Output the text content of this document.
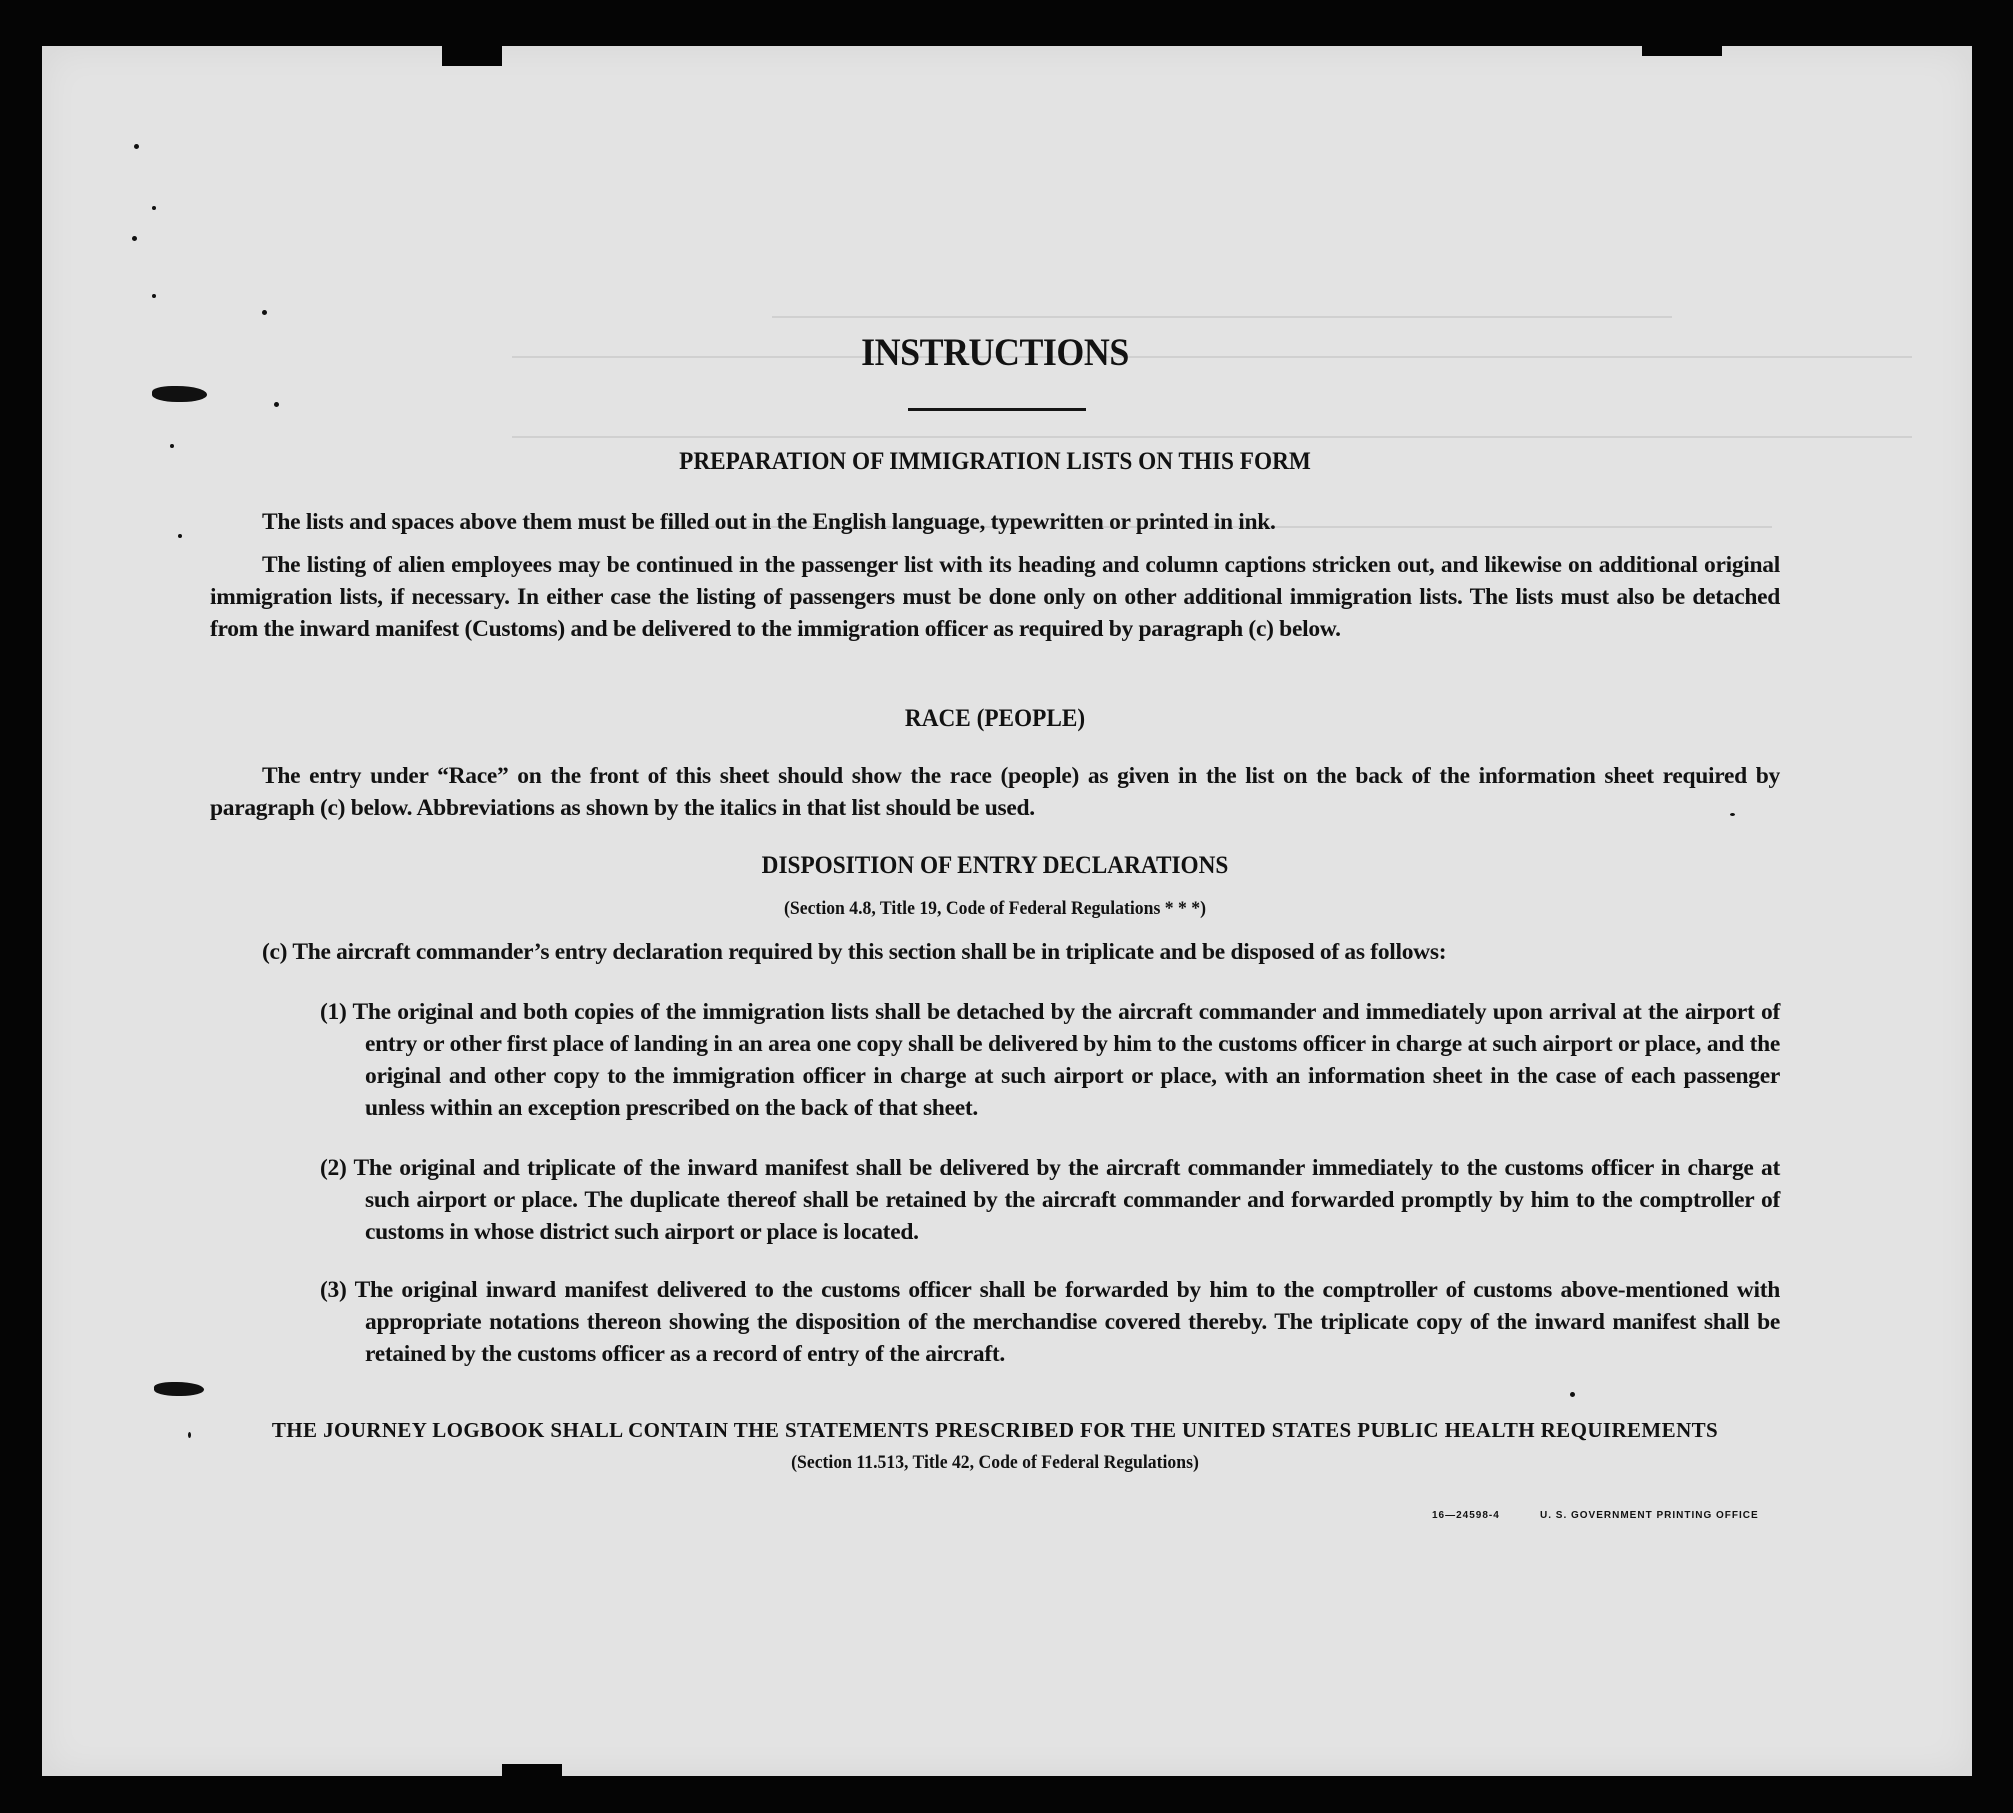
INSTRUCTIONS
PREPARATION OF IMMIGRATION LISTS ON THIS FORM
The lists and spaces above them must be filled out in the English language, typewritten or printed in ink.
The listing of alien employees may be continued in the passenger list with its heading and column captions stricken out, and likewise on additional original immigration lists, if necessary. In either case the listing of passengers must be done only on other additional immigration lists. The lists must also be detached from the inward manifest (Customs) and be delivered to the immigration officer as required by paragraph (c) below.
RACE (PEOPLE)
The entry under “Race” on the front of this sheet should show the race (people) as given in the list on the back of the information sheet required by paragraph (c) below. Abbreviations as shown by the italics in that list should be used.
DISPOSITION OF ENTRY DECLARATIONS
(Section 4.8, Title 19, Code of Federal Regulations * * *)
(c) The aircraft commander’s entry declaration required by this section shall be in triplicate and be disposed of as follows:
(1) The original and both copies of the immigration lists shall be detached by the aircraft commander and immediately upon arrival at the airport of entry or other first place of landing in an area one copy shall be delivered by him to the customs officer in charge at such airport or place, and the original and other copy to the immigration officer in charge at such airport or place, with an information sheet in the case of each passenger unless within an exception prescribed on the back of that sheet.
(2) The original and triplicate of the inward manifest shall be delivered by the aircraft commander immediately to the customs officer in charge at such airport or place. The duplicate thereof shall be retained by the aircraft commander and forwarded promptly by him to the comptroller of customs in whose district such airport or place is located.
(3) The original inward manifest delivered to the customs officer shall be forwarded by him to the comptroller of customs above-mentioned with appropriate notations thereon showing the disposition of the merchandise covered thereby. The triplicate copy of the inward manifest shall be retained by the customs officer as a record of entry of the aircraft.
THE JOURNEY LOGBOOK SHALL CONTAIN THE STATEMENTS PRESCRIBED FOR THE UNITED STATES PUBLIC HEALTH REQUIREMENTS
(Section 11.513, Title 42, Code of Federal Regulations)
16—24598-4	U. S. GOVERNMENT PRINTING OFFICE
